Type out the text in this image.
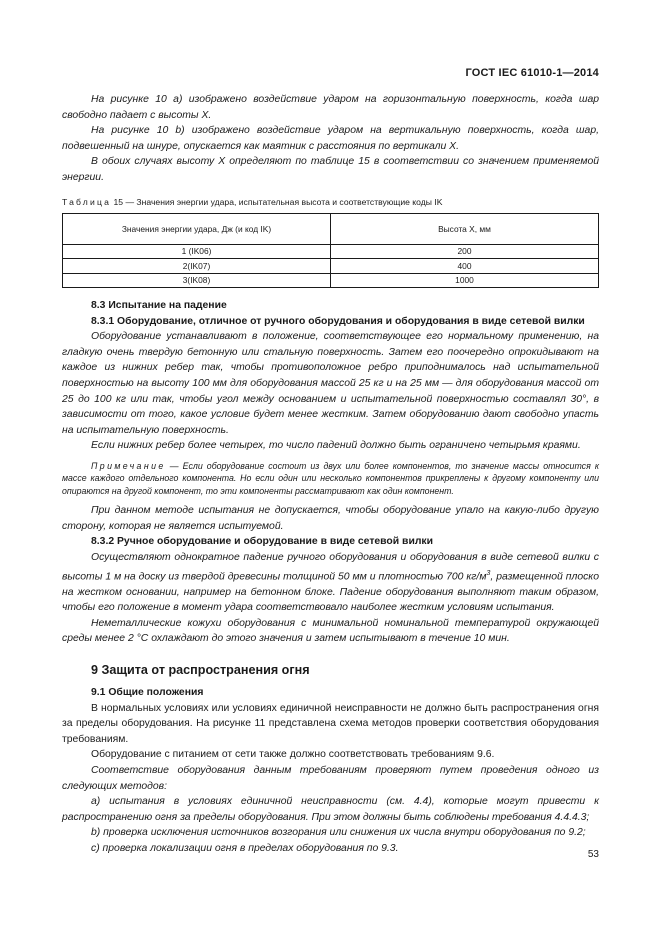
ГОСТ IEC 61010-1—2014

На рисунке 10 а) изображено воздействие ударом на горизонтальную поверхность, когда шар свободно падает с высоты X.

На рисунке 10 b) изображено воздействие ударом на вертикальную поверхность, когда шар, подвешенный на шнуре, опускается как маятник с расстояния по вертикали X.

В обоих случаях высоту X определяют по таблице 15 в соответствии со значением применяемой энергии.

Таблица 15 — Значения энергии удара, испытательная высота и соответствующие коды IK
Значения энергии удара, Дж (и код IK)	Высота X, мм
1 (IK06)	200
2(IK07)	400
3(IK08)	1000

8.3 Испытание на падение

8.3.1 Оборудование, отличное от ручного оборудования и оборудования в виде сетевой вилки

Оборудование устанавливают в положение, соответствующее его нормальному применению, на гладкую очень твердую бетонную или стальную поверхность. Затем его поочередно опрокидывают на каждое из нижних ребер так, чтобы противоположное ребро приподнималось над испытательной поверхностью на высоту 100 мм для оборудования массой 25 кг и на 25 мм — для оборудования массой от 25 до 100 кг или так, чтобы угол между основанием и испытательной поверхностью составлял 30°, в зависимости от того, какое условие будет менее жестким. Затем оборудованию дают свободно упасть на испытательную поверхность.

Если нижних ребер более четырех, то число падений должно быть ограничено четырьмя краями.

Примечание — Если оборудование состоит из двух или более компонентов, то значение массы относится к массе каждого отдельного компонента. Но если один или несколько компонентов прикреплены к другому компоненту или опираются на другой компонент, то эти компоненты рассматривают как один компонент.

При данном методе испытания не допускается, чтобы оборудование упало на какую-либо другую сторону, которая не является испытуемой.

8.3.2 Ручное оборудование и оборудование в виде сетевой вилки

Осуществляют однократное падение ручного оборудования и оборудования в виде сетевой вилки с высоты 1 м на доску из твердой древесины толщиной 50 мм и плотностью 700 $кг/м^3$, размещенной плоско на жестком основании, например на бетонном блоке. Падение оборудования выполняют таким образом, чтобы его положение в момент удара соответствовало наиболее жестким условиям испытания.

Неметаллические кожухи оборудования с минимальной номинальной температурой окружающей среды менее 2 °С охлаждают до этого значения и затем испытывают в течение 10 мин.

9 Защита от распространения огня

9.1 Общие положения

В нормальных условиях или условиях единичной неисправности не должно быть распространения огня за пределы оборудования. На рисунке 11 представлена схема методов проверки соответствия оборудования требованиям.

Оборудование с питанием от сети также должно соответствовать требованиям 9.6.

Соответствие оборудования данным требованиям проверяют путем проведения одного из следующих методов:

а) испытания в условиях единичной неисправности (см. 4.4), которые могут привести к распространению огня за пределы оборудования. При этом должны быть соблюдены требования 4.4.4.3;

b) проверка исключения источников возгорания или снижения их числа внутри оборудования по 9.2;

c) проверка локализации огня в пределах оборудования по 9.3.

53
